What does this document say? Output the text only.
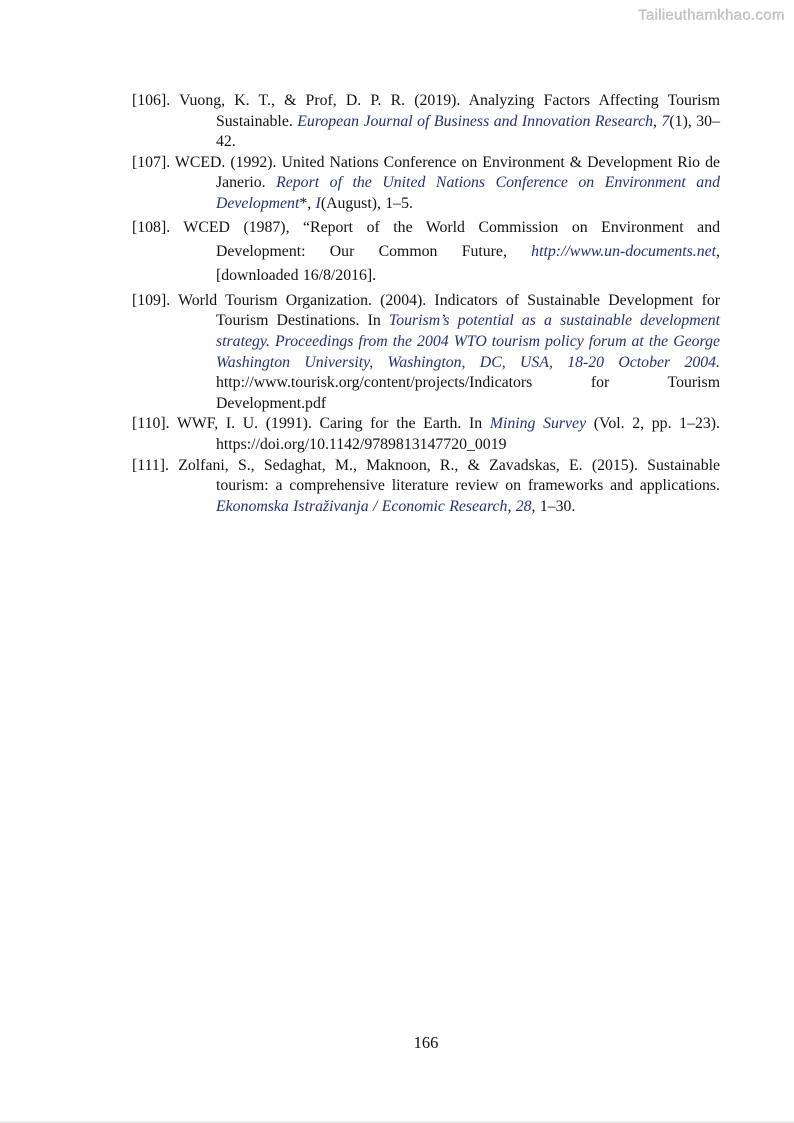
Tailieuthamkhao.com

[106]. Vuong, K. T., & Prof, D. P. R. (2019). Analyzing Factors Affecting Tourism Sustainable. European Journal of Business and Innovation Research, 7(1), 30–42.

[107]. WCED. (1992). United Nations Conference on Environment & Development Rio de Janerio. Report of the United Nations Conference on Environment and Development*, I(August), 1–5.

[108]. WCED (1987), “Report of the World Commission on Environment and Development: Our Common Future, http://www.un-documents.net, [downloaded 16/8/2016].

[109]. World Tourism Organization. (2004). Indicators of Sustainable Development for Tourism Destinations. In Tourism’s potential as a sustainable development strategy. Proceedings from the 2004 WTO tourism policy forum at the George Washington University, Washington, DC, USA, 18-20 October 2004. http://www.tourisk.org/content/projects/Indicators for Tourism Development.pdf

[110]. WWF, I. U. (1991). Caring for the Earth. In Mining Survey (Vol. 2, pp. 1–23). https://doi.org/10.1142/9789813147720_0019

[111]. Zolfani, S., Sedaghat, M., Maknoon, R., & Zavadskas, E. (2015). Sustainable tourism: a comprehensive literature review on frameworks and applications. Ekonomska Istraživanja / Economic Research, 28, 1–30.

166
